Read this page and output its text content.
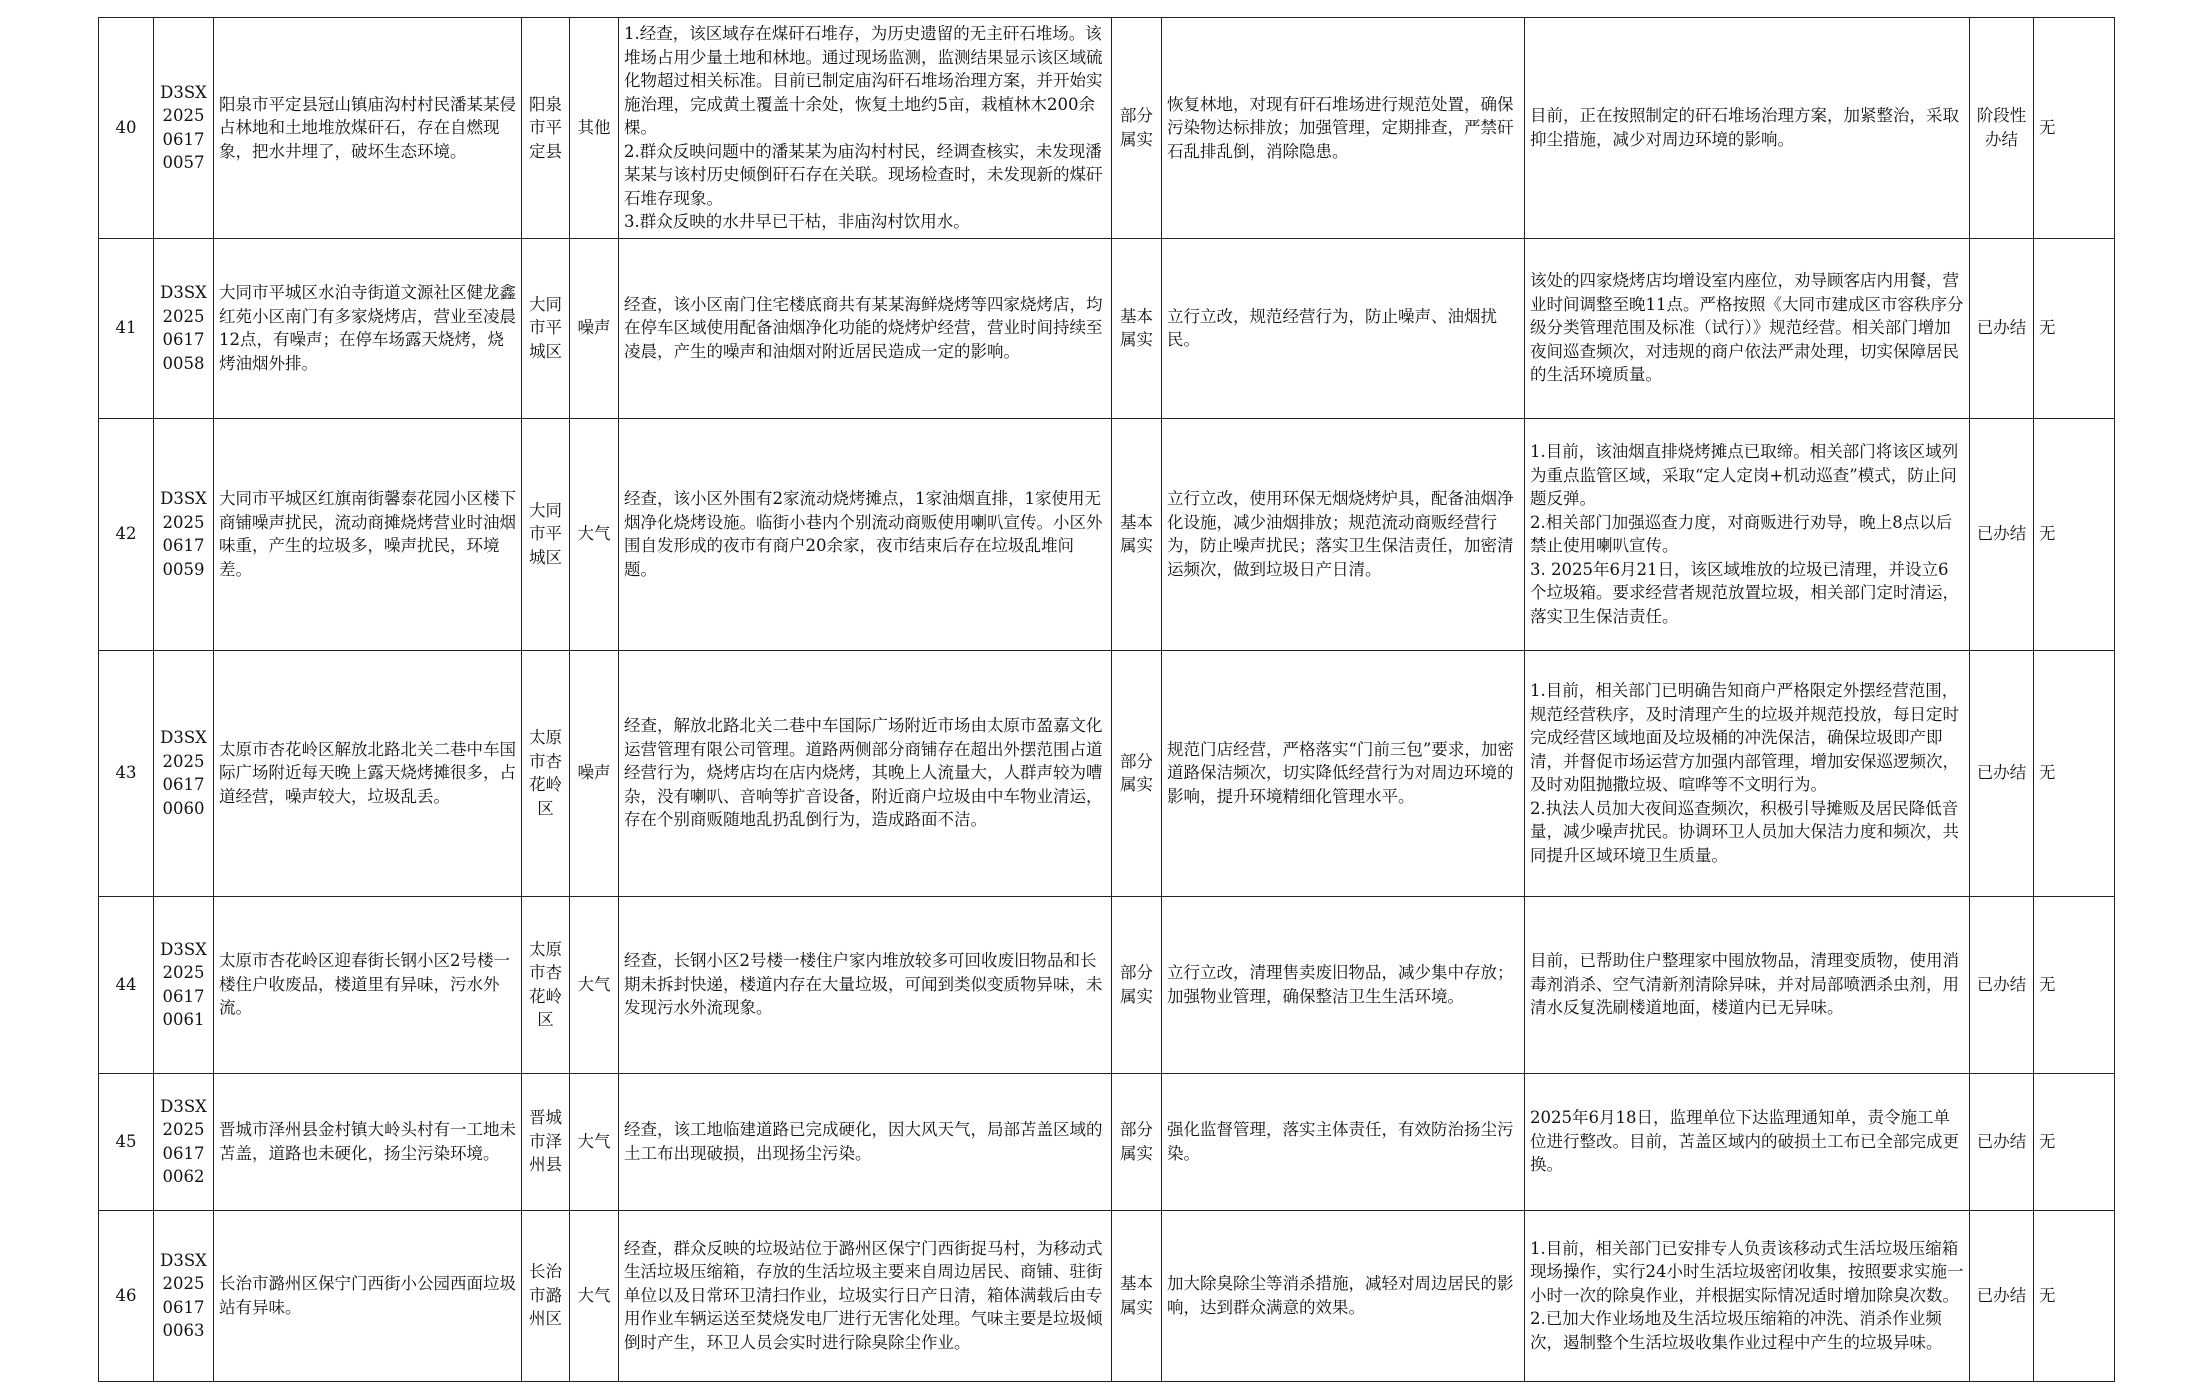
40	D3SX20250617 0057	阳泉市平定县冠山镇庙沟村村民潘某某侵占林地和土地堆放煤矸石，存在自燃现象，把水井埋了，破坏生态环境。	阳泉市平定县	其他	1.经查，该区域存在煤矸石堆存，为历史遗留的无主矸石堆场。该堆场占用少量土地和林地。通过现场监测，监测结果显示该区域硫化物超过相关标准。目前已制定庙沟矸石堆场治理方案，并开始实施治理，完成黄土覆盖十余处，恢复土地约5亩，栽植林木200余棵。
2.群众反映问题中的潘某某为庙沟村村民，经调查核实，未发现潘某某与该村历史倾倒矸石存在关联。现场检查时，未发现新的煤矸石堆存现象。
3.群众反映的水井早已干枯，非庙沟村饮用水。	部分属实	恢复林地，对现有矸石堆场进行规范处置，确保污染物达标排放；加强管理，定期排查，严禁矸石乱排乱倒，消除隐患。	目前，正在按照制定的矸石堆场治理方案，加紧整治，采取抑尘措施，减少对周边环境的影响。	阶段性办结	无
41	D3SX20250617 0058	大同市平城区水泊寺街道文源社区健龙鑫红苑小区南门有多家烧烤店，营业至凌晨12点，有噪声；在停车场露天烧烤，烧烤油烟外排。	大同市平城区	噪声	经查，该小区南门住宅楼底商共有某某海鲜烧烤等四家烧烤店，均在停车区域使用配备油烟净化功能的烧烤炉经营，营业时间持续至凌晨，产生的噪声和油烟对附近居民造成一定的影响。	基本属实	立行立改，规范经营行为，防止噪声、油烟扰民。	该处的四家烧烤店均增设室内座位，劝导顾客店内用餐，营业时间调整至晚11点。严格按照《大同市建成区市容秩序分级分类管理范围及标准（试行）》规范经营。相关部门增加夜间巡查频次，对违规的商户依法严肃处理，切实保障居民的生活环境质量。	已办结	无
42	D3SX20250617 0059	大同市平城区红旗南街馨泰花园小区楼下商铺噪声扰民，流动商摊烧烤营业时油烟味重，产生的垃圾多，噪声扰民，环境差。	大同市平城区	大气	经查，该小区外围有2家流动烧烤摊点，1家油烟直排，1家使用无烟净化烧烤设施。临街小巷内个别流动商贩使用喇叭宣传。小区外围自发形成的夜市有商户20余家，夜市结束后存在垃圾乱堆问题。	基本属实	立行立改，使用环保无烟烧烤炉具，配备油烟净化设施，减少油烟排放；规范流动商贩经营行为，防止噪声扰民；落实卫生保洁责任，加密清运频次，做到垃圾日产日清。	1.目前，该油烟直排烧烤摊点已取缔。相关部门将该区域列为重点监管区域，采取“定人定岗+机动巡查”模式，防止问题反弹。
2.相关部门加强巡查力度，对商贩进行劝导，晚上8点以后禁止使用喇叭宣传。
3. 2025年6月21日，该区域堆放的垃圾已清理，并设立6个垃圾箱。要求经营者规范放置垃圾，相关部门定时清运，落实卫生保洁责任。	已办结	无
43	D3SX20250617 0060	太原市杏花岭区解放北路北关二巷中车国际广场附近每天晚上露天烧烤摊很多，占道经营，噪声较大，垃圾乱丢。	太原市杏花岭区	噪声	经查，解放北路北关二巷中车国际广场附近市场由太原市盈嘉文化运营管理有限公司管理。道路两侧部分商铺存在超出外摆范围占道经营行为，烧烤店均在店内烧烤，其晚上人流量大，人群声较为嘈杂，没有喇叭、音响等扩音设备，附近商户垃圾由中车物业清运，存在个别商贩随地乱扔乱倒行为，造成路面不洁。	部分属实	规范门店经营，严格落实“门前三包”要求，加密道路保洁频次，切实降低经营行为对周边环境的影响，提升环境精细化管理水平。	1.目前，相关部门已明确告知商户严格限定外摆经营范围，规范经营秩序，及时清理产生的垃圾并规范投放，每日定时完成经营区域地面及垃圾桶的冲洗保洁，确保垃圾即产即清，并督促市场运营方加强内部管理，增加安保巡逻频次，及时劝阻抛撒垃圾、喧哗等不文明行为。
2.执法人员加大夜间巡查频次，积极引导摊贩及居民降低音量，减少噪声扰民。协调环卫人员加大保洁力度和频次，共同提升区域环境卫生质量。	已办结	无
44	D3SX20250617 0061	太原市杏花岭区迎春街长钢小区2号楼一楼住户收废品，楼道里有异味，污水外流。	太原市杏花岭区	大气	经查，长钢小区2号楼一楼住户家内堆放较多可回收废旧物品和长期未拆封快递，楼道内存在大量垃圾，可闻到类似变质物异味，未发现污水外流现象。	部分属实	立行立改，清理售卖废旧物品，减少集中存放；加强物业管理，确保整洁卫生生活环境。	目前，已帮助住户整理家中囤放物品，清理变质物，使用消毒剂消杀、空气清新剂清除异味，并对局部喷洒杀虫剂，用清水反复洗刷楼道地面，楼道内已无异味。	已办结	无
45	D3SX20250617 0062	晋城市泽州县金村镇大岭头村有一工地未苫盖，道路也未硬化，扬尘污染环境。	晋城市泽州县	大气	经查，该工地临建道路已完成硬化，因大风天气，局部苫盖区域的土工布出现破损，出现扬尘污染。	部分属实	强化监督管理，落实主体责任，有效防治扬尘污染。	2025年6月18日，监理单位下达监理通知单，责令施工单位进行整改。目前，苫盖区域内的破损土工布已全部完成更换。	已办结	无
46	D3SX20250617 0063	长治市潞州区保宁门西街小公园西面垃圾站有异味。	长治市潞州区	大气	经查，群众反映的垃圾站位于潞州区保宁门西街捉马村，为移动式生活垃圾压缩箱，存放的生活垃圾主要来自周边居民、商铺、驻街单位以及日常环卫清扫作业，垃圾实行日产日清，箱体满载后由专用作业车辆运送至焚烧发电厂进行无害化处理。气味主要是垃圾倾倒时产生，环卫人员会实时进行除臭除尘作业。	基本属实	加大除臭除尘等消杀措施，减轻对周边居民的影响，达到群众满意的效果。	1.目前，相关部门已安排专人负责该移动式生活垃圾压缩箱现场操作，实行24小时生活垃圾密闭收集，按照要求实施一小时一次的除臭作业，并根据实际情况适时增加除臭次数。
2.已加大作业场地及生活垃圾压缩箱的冲洗、消杀作业频次，遏制整个生活垃圾收集作业过程中产生的垃圾异味。	已办结	无
